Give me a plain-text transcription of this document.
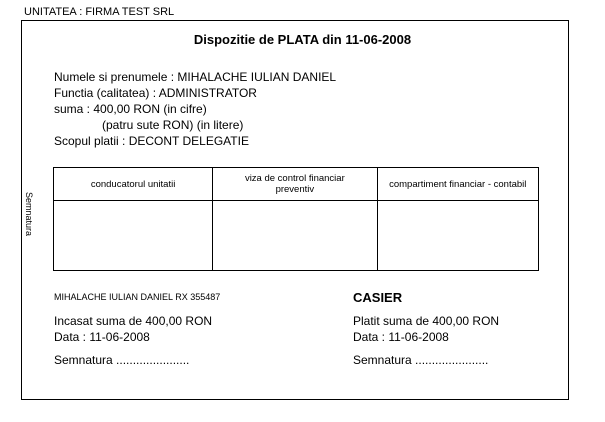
UNITATEA : FIRMA TEST SRL
Dispozitie de PLATA din 11-06-2008
Numele si prenumele : MIHALACHE IULIAN DANIEL
Functia (calitatea) : ADMINISTRATOR
suma : 400,00 RON (in cifre)
(patru sute RON) (in litere)
Scopul platii : DECONT DELEGATIE
Semnatura
conducatorul unitatii	viza de control financiar preventiv	compartiment financiar - contabil

MIHALACHE IULIAN DANIEL RX 355487
Incasat suma de 400,00 RON
Data : 11-06-2008
Semnatura ......................
CASIER
Platit suma de 400,00 RON
Data : 11-06-2008
Semnatura ......................
